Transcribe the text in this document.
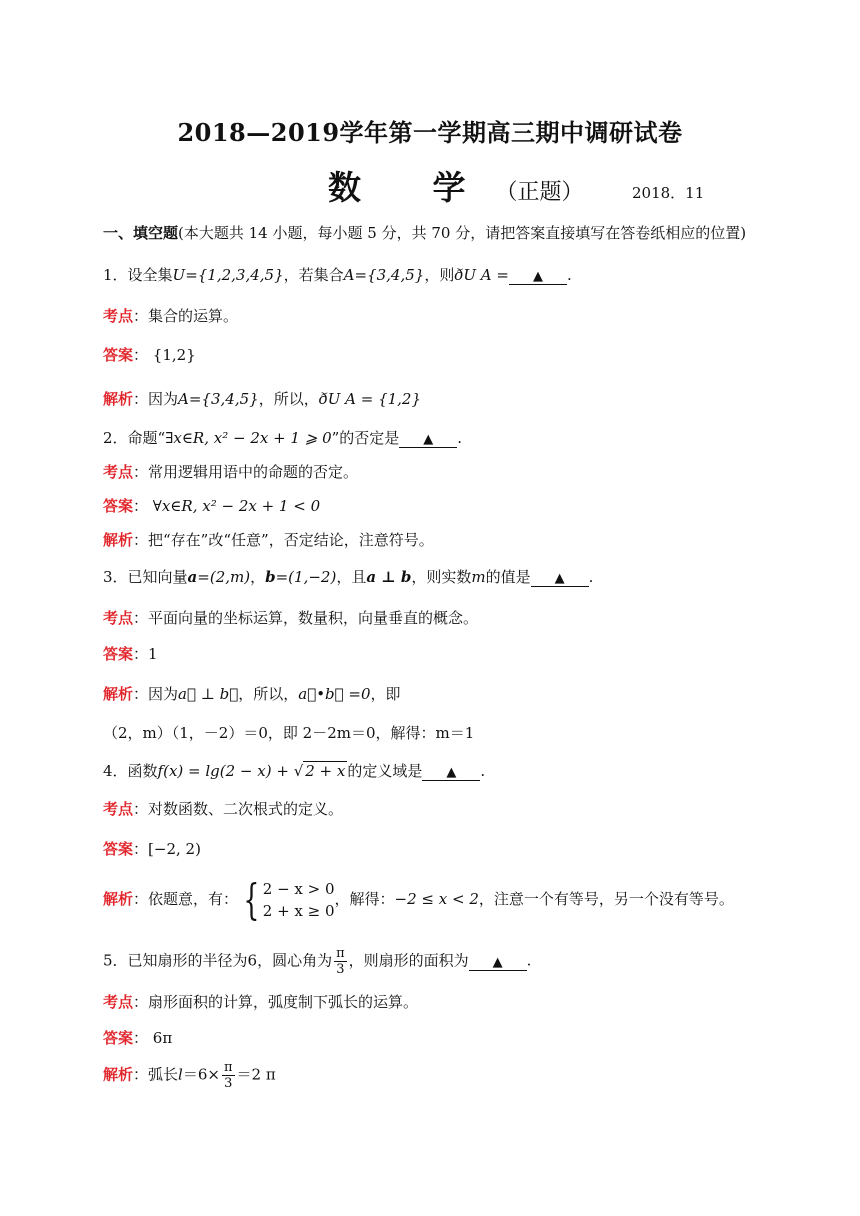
2018—2019学年第一学期高三期中调研试卷
数 学（正题）	2018．11
一、填空题(本大题共 14 小题，每小题 5 分，共 70 分，请把答案直接填写在答卷纸相应的位置)
1．设全集U={1,2,3,4,5}，若集合A={3,4,5}，则ðU A = ▲ .
考点：集合的运算。
答案： {1,2}
解析：因为A={3,4,5}，所以，ðU A = {1,2}
2．命题“∃x∈R, x² − 2x + 1 ⩾ 0”的否定是 ▲ .
考点：常用逻辑用语中的命题的否定。
答案： ∀x∈R, x² − 2x + 1 < 0
解析：把“存在”改“任意”，否定结论，注意符号。
3．已知向量a=(2,m)，b=(1,−2)，且a ⊥ b，则实数m的值是 ▲ .
考点：平面向量的坐标运算，数量积，向量垂直的概念。
答案：1
解析：因为a⃗ ⊥ b⃗，所以，a⃗•b⃗ =0，即
（2，m）（1，－2）＝0，即 2－2m＝0，解得：m＝1
4．函数f(x) = lg(2 − x) + √ 2 + x 的定义域是 ▲ .
考点：对数函数、二次根式的定义。
答案：[−2, 2)
解析：依题意，有： { 2 − x > 0
2 + x ≥ 0
，解得：−2 ≤ x < 2，注意一个有等号，另一个没有等号。
5．已知扇形的半径为6，圆心角为 $\frac{\pi}{3}$ ，则扇形的面积为 ▲ .
考点：扇形面积的计算，弧度制下弧长的运算。
答案： 6π
解析：弧长$l=6\times \frac{\pi}{3} =2$ π
